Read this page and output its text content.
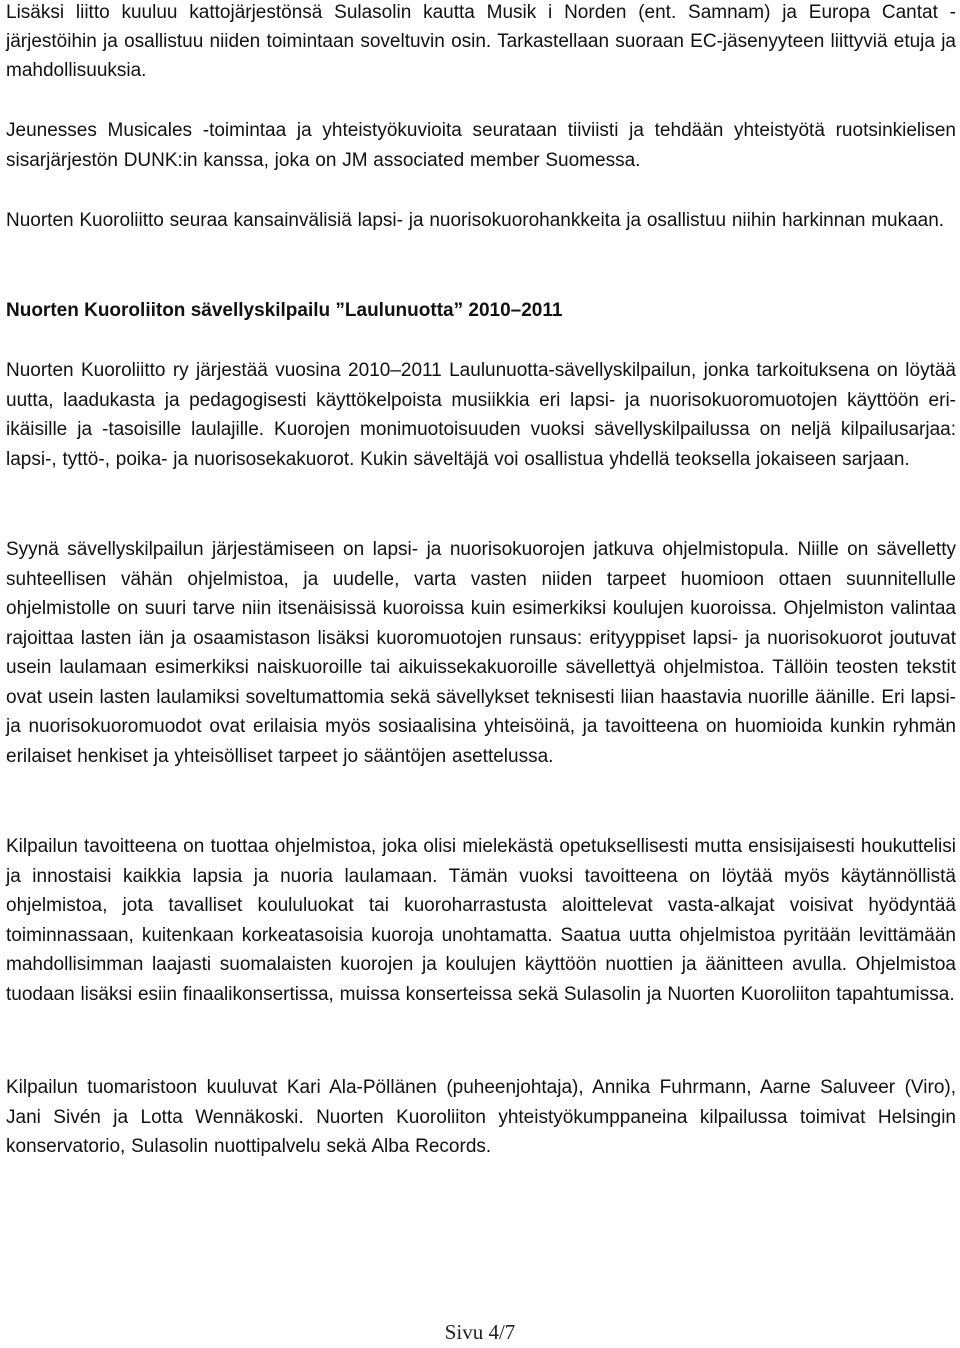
Lisäksi liitto kuuluu kattojärjestönsä Sulasolin kautta Musik i Norden (ent. Samnam) ja Europa Cantat -järjestöihin ja osallistuu niiden toimintaan soveltuvin osin. Tarkastellaan suoraan EC-jäsenyyteen liittyviä etuja ja mahdollisuuksia.

Jeunesses Musicales -toimintaa ja yhteistyökuvioita seurataan tiiviisti ja tehdään yhteistyötä ruotsinkielisen sisarjärjestön DUNK:in kanssa, joka on JM associated member Suomessa.

Nuorten Kuoroliitto seuraa kansainvälisiä lapsi- ja nuorisokuorohankkeita ja osallistuu niihin harkinnan mukaan.

Nuorten Kuoroliiton sävellyskilpailu ”Laulunuotta” 2010–2011

Nuorten Kuoroliitto ry järjestää vuosina 2010–2011 Laulunuotta-sävellyskilpailun, jonka tarkoituksena on löytää uutta, laadukasta ja pedagogisesti käyttökelpoista musiikkia eri lapsi- ja nuorisokuoromuotojen käyttöön eri-ikäisille ja -tasoisille laulajille. Kuorojen monimuotoisuuden vuoksi sävellyskilpailussa on neljä kilpailusarjaa: lapsi-, tyttö-, poika- ja nuorisosekakuorot. Kukin säveltäjä voi osallistua yhdellä teoksella jokaiseen sarjaan.

Syynä sävellyskilpailun järjestämiseen on lapsi- ja nuorisokuorojen jatkuva ohjelmistopula. Niille on sävelletty suhteellisen vähän ohjelmistoa, ja uudelle, varta vasten niiden tarpeet huomioon ottaen suunnitellulle ohjelmistolle on suuri tarve niin itsenäisissä kuoroissa kuin esimerkiksi koulujen kuoroissa. Ohjelmiston valintaa rajoittaa lasten iän ja osaamistason lisäksi kuoromuotojen runsaus: erityyppiset lapsi- ja nuorisokuorot joutuvat usein laulamaan esimerkiksi naiskuoroille tai aikuissekakuoroille sävellettyä ohjelmistoa. Tällöin teosten tekstit ovat usein lasten laulamiksi soveltumattomia sekä sävellykset teknisesti liian haastavia nuorille äänille. Eri lapsi- ja nuorisokuoromuodot ovat erilaisia myös sosiaalisina yhteisöinä, ja tavoitteena on huomioida kunkin ryhmän erilaiset henkiset ja yhteisölliset tarpeet jo sääntöjen asettelussa.

Kilpailun tavoitteena on tuottaa ohjelmistoa, joka olisi mielekästä opetuksellisesti mutta ensisijaisesti houkuttelisi ja innostaisi kaikkia lapsia ja nuoria laulamaan. Tämän vuoksi tavoitteena on löytää myös käytännöllistä ohjelmistoa, jota tavalliset koululuokat tai kuoroharrastusta aloittelevat vasta-alkajat voisivat hyödyntää toiminnassaan, kuitenkaan korkeatasoisia kuoroja unohtamatta. Saatua uutta ohjelmistoa pyritään levittämään mahdollisimman laajasti suomalaisten kuorojen ja koulujen käyttöön nuottien ja äänitteen avulla. Ohjelmistoa tuodaan lisäksi esiin finaalikonsertissa, muissa konserteissa sekä Sulasolin ja Nuorten Kuoroliiton tapahtumissa.

Kilpailun tuomaristoon kuuluvat Kari Ala-Pöllänen (puheenjohtaja), Annika Fuhrmann, Aarne Saluveer (Viro), Jani Sivén ja Lotta Wennäkoski. Nuorten Kuoroliiton yhteistyökumppaneina kilpailussa toimivat Helsingin konservatorio, Sulasolin nuottipalvelu sekä Alba Records.

Sivu 4/7
